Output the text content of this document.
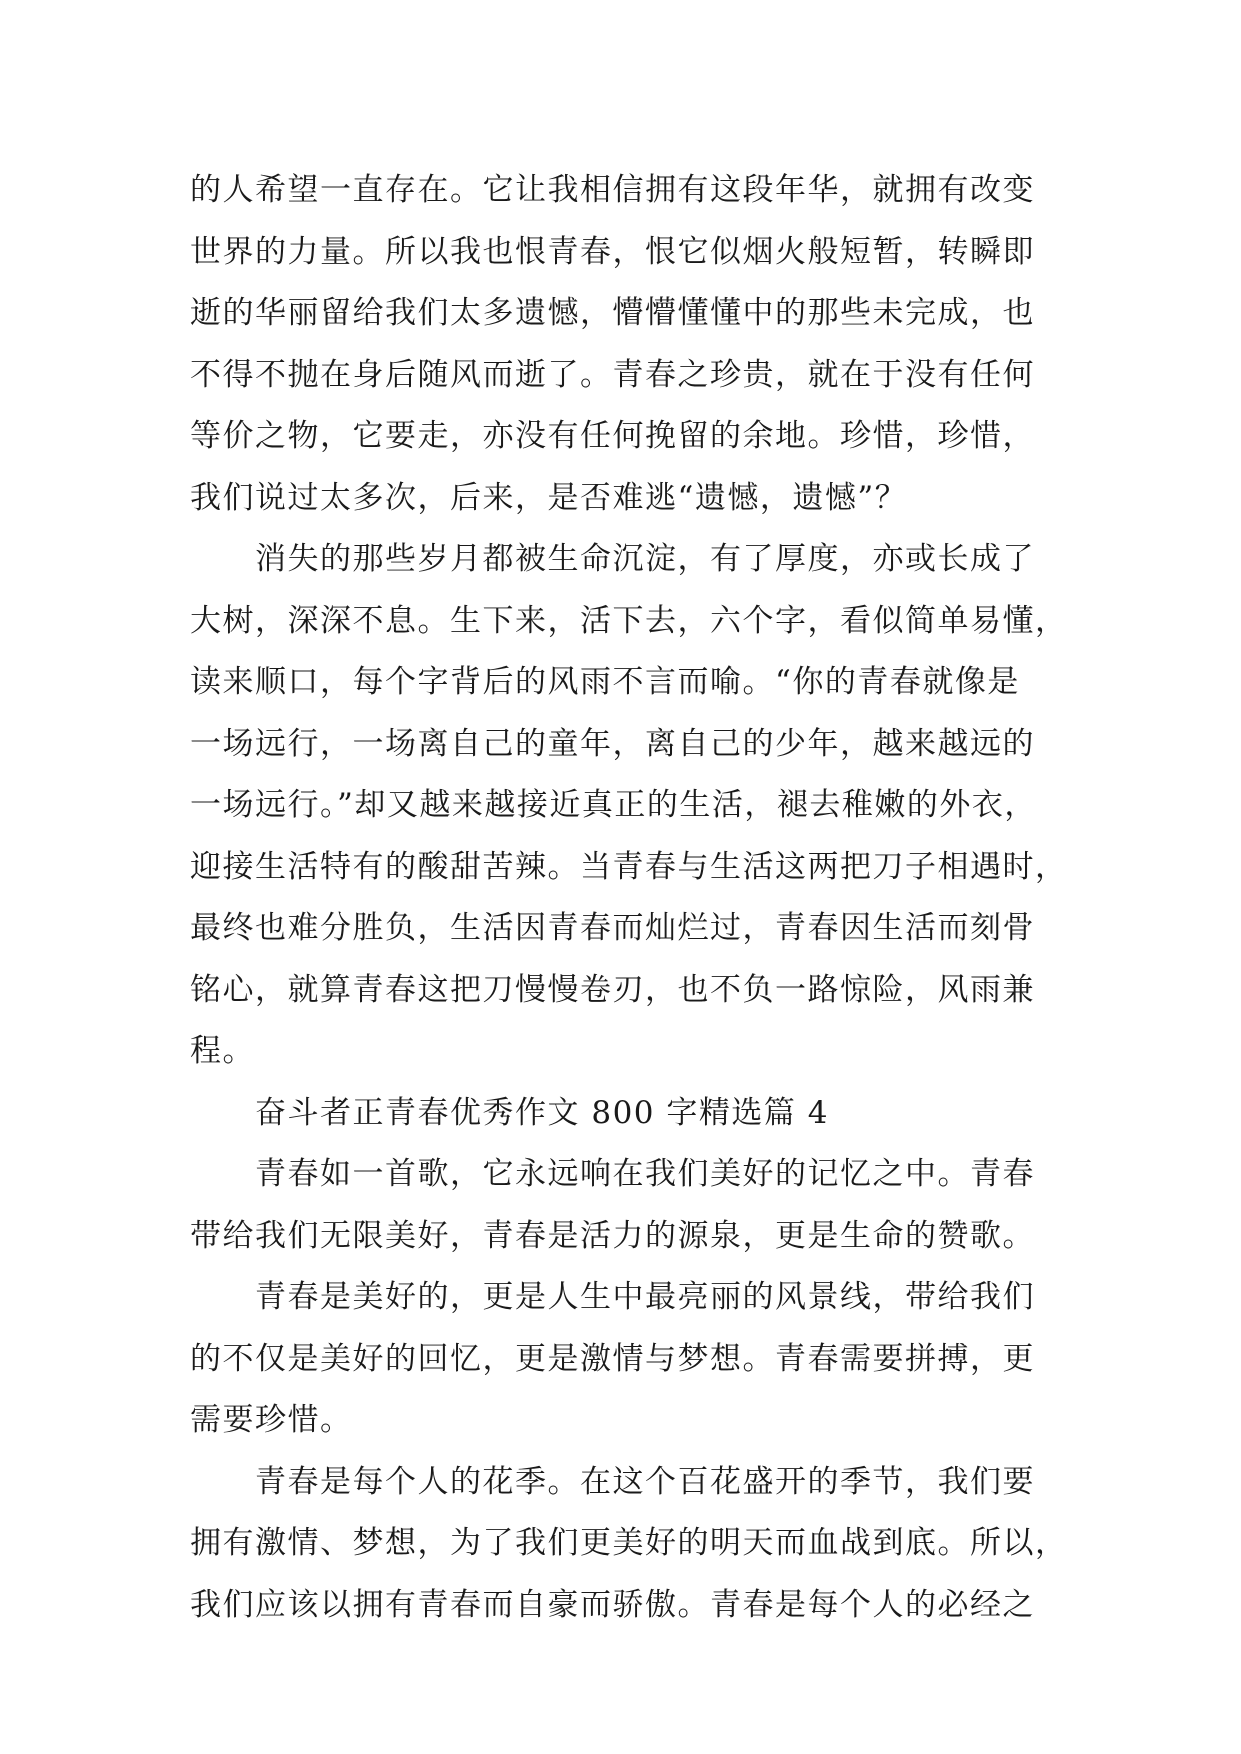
的人希望一直存在。它让我相信拥有这段年华，就拥有改变
世界的力量。所以我也恨青春，恨它似烟火般短暂，转瞬即
逝的华丽留给我们太多遗憾，懵懵懂懂中的那些未完成，也
不得不抛在身后随风而逝了。青春之珍贵，就在于没有任何
等价之物，它要走，亦没有任何挽留的余地。珍惜，珍惜，
我们说过太多次，后来，是否难逃“遗憾，遗憾”？
　　消失的那些岁月都被生命沉淀，有了厚度，亦或长成了
大树，深深不息。生下来，活下去，六个字，看似简单易懂，
读来顺口，每个字背后的风雨不言而喻。“你的青春就像是
一场远行，一场离自己的童年，离自己的少年，越来越远的
一场远行。”却又越来越接近真正的生活，褪去稚嫩的外衣，
迎接生活特有的酸甜苦辣。当青春与生活这两把刀子相遇时，
最终也难分胜负，生活因青春而灿烂过，青春因生活而刻骨
铭心，就算青春这把刀慢慢卷刃，也不负一路惊险，风雨兼
程。
　　奋斗者正青春优秀作文 800 字精选篇 4
　　青春如一首歌，它永远响在我们美好的记忆之中。青春
带给我们无限美好，青春是活力的源泉，更是生命的赞歌。
　　青春是美好的，更是人生中最亮丽的风景线，带给我们
的不仅是美好的回忆，更是激情与梦想。青春需要拼搏，更
需要珍惜。
　　青春是每个人的花季。在这个百花盛开的季节，我们要
拥有激情、梦想，为了我们更美好的明天而血战到底。所以，
我们应该以拥有青春而自豪而骄傲。青春是每个人的必经之
